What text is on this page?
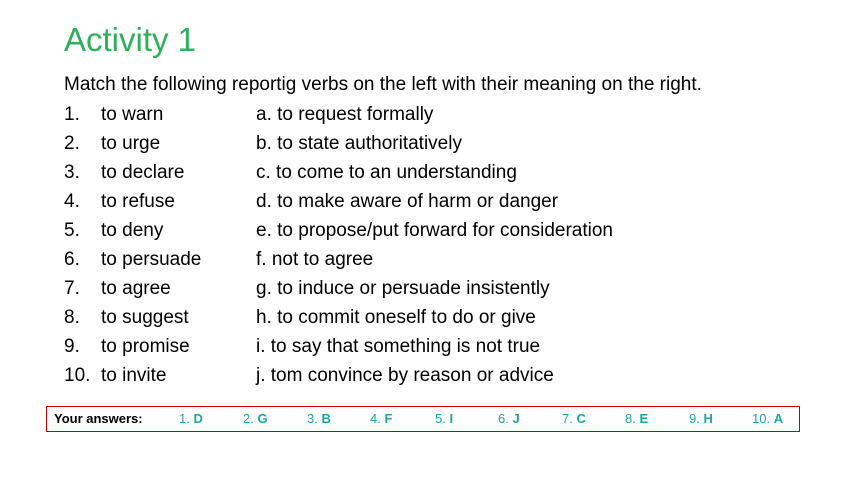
Activity 1
Match the following reportig verbs on the left with their meaning on the right.
1. to warn	a. to request formally
2. to urge	b. to state authoritatively
3. to declare	c. to come to an understanding
4. to refuse	d. to make aware of harm or danger
5. to deny	e. to propose/put forward for consideration
6. to persuade	f. not to agree
7. to agree	g. to induce or persuade insistently
8. to suggest	h. to commit oneself to do or give
9. to promise	i. to say that something is not true
10. to invite	j. tom convince by reason or advice
Your answers:	1. D	2. G	3. B	4. F	5. I	6. J	7. C	8. E	9. H	10. A
